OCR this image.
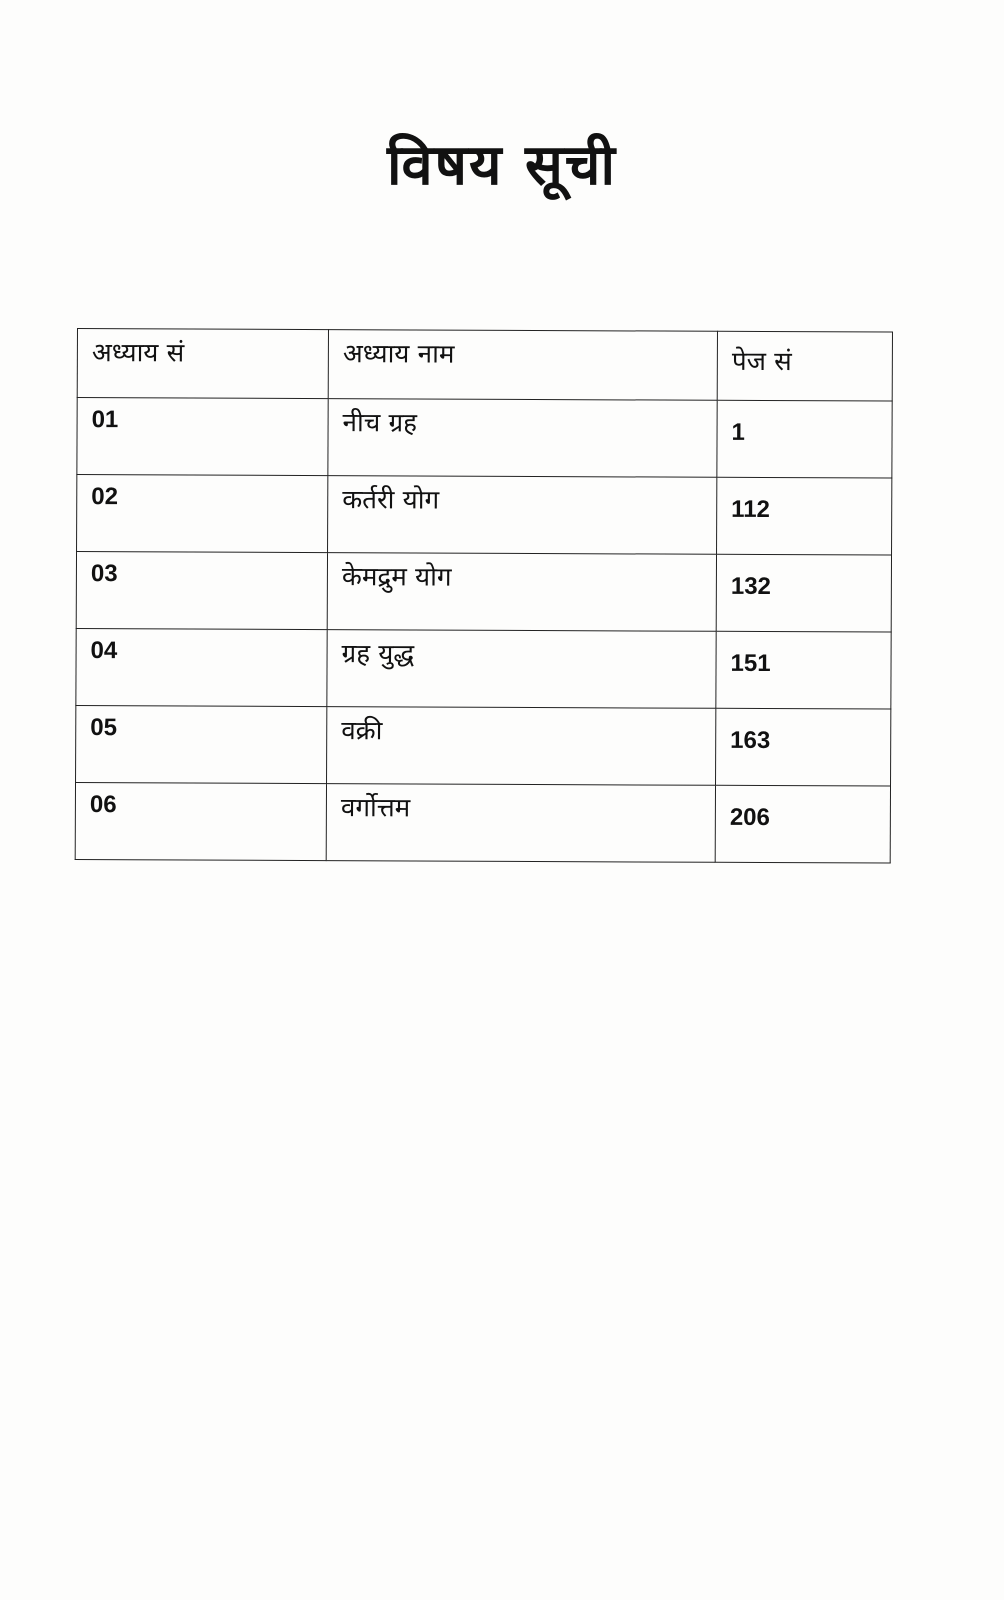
विषय सूची
अध्याय सं	अध्याय नाम	पेज सं
01	नीच ग्रह	1
02	कर्तरी योग	112
03	केमद्रुम योग	132
04	ग्रह युद्ध	151
05	वक्री	163
06	वर्गोत्तम	206
